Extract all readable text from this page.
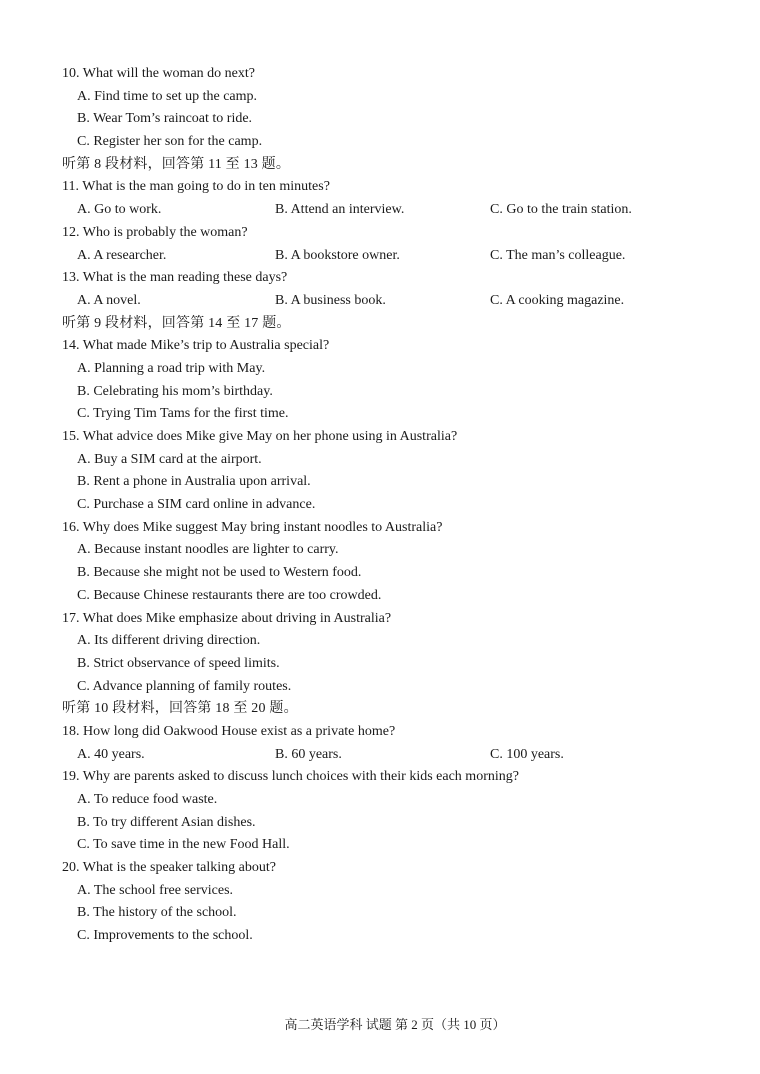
10. What will the woman do next?
A. Find time to set up the camp.
B. Wear Tom’s raincoat to ride.
C. Register her son for the camp.
听第 8 段材料，回答第 11 至 13 题。
11. What is the man going to do in ten minutes?
A. Go to work.	B. Attend an interview.	C. Go to the train station.
12. Who is probably the woman?
A. A researcher.	B. A bookstore owner.	C. The man’s colleague.
13. What is the man reading these days?
A. A novel.	B. A business book.	C. A cooking magazine.
听第 9 段材料，回答第 14 至 17 题。
14. What made Mike’s trip to Australia special?
A. Planning a road trip with May.
B. Celebrating his mom’s birthday.
C. Trying Tim Tams for the first time.
15. What advice does Mike give May on her phone using in Australia?
A. Buy a SIM card at the airport.
B. Rent a phone in Australia upon arrival.
C. Purchase a SIM card online in advance.
16. Why does Mike suggest May bring instant noodles to Australia?
A. Because instant noodles are lighter to carry.
B. Because she might not be used to Western food.
C. Because Chinese restaurants there are too crowded.
17. What does Mike emphasize about driving in Australia?
A. Its different driving direction.
B. Strict observance of speed limits.
C. Advance planning of family routes.
听第 10 段材料，回答第 18 至 20 题。
18. How long did Oakwood House exist as a private home?
A. 40 years.	B. 60 years.	C. 100 years.
19. Why are parents asked to discuss lunch choices with their kids each morning?
A. To reduce food waste.
B. To try different Asian dishes.
C. To save time in the new Food Hall.
20. What is the speaker talking about?
A. The school free services.
B. The history of the school.
C. Improvements to the school.
高二英语学科 试题 第 2 页（共 10 页）
